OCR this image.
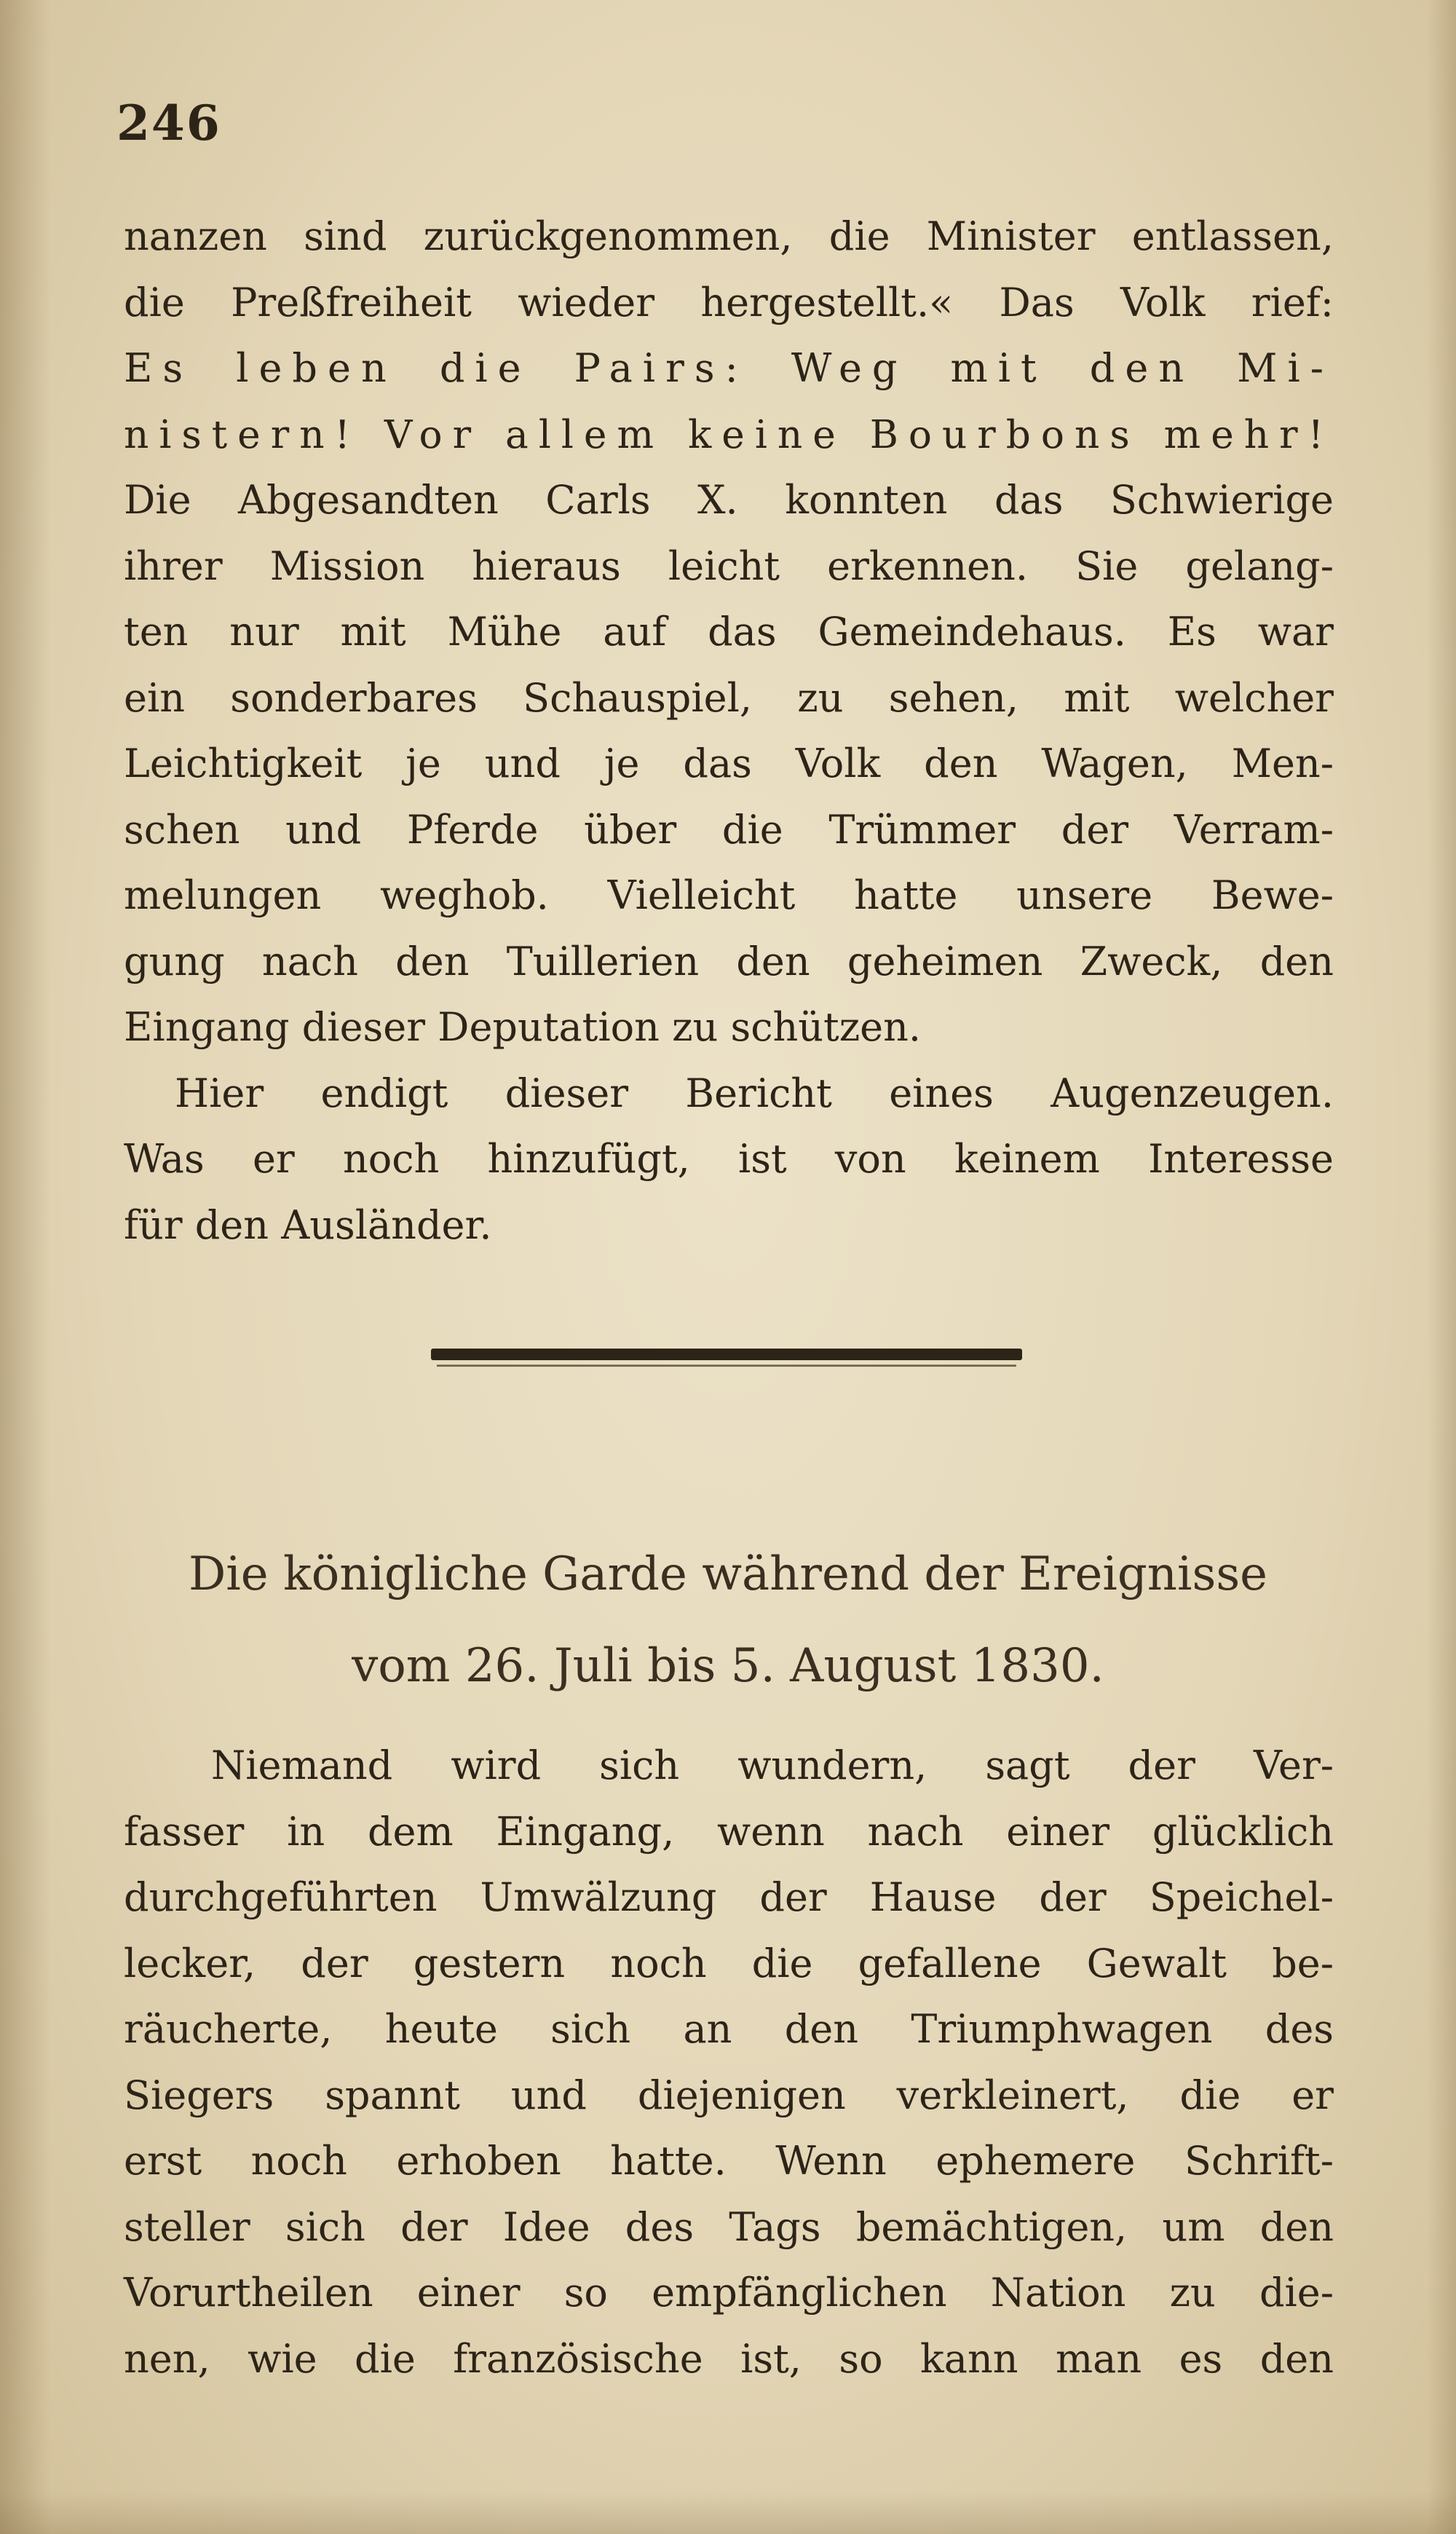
246
nanzen sind zurückgenommen, die Minister entlassen,
die Preßfreiheit wieder hergestellt.« Das Volk rief:
Es leben die Pairs: Weg mit den Mi-
nistern! Vor allem keine Bourbons mehr!
Die Abgesandten Carls X. konnten das Schwierige
ihrer Mission hieraus leicht erkennen. Sie gelang-
ten nur mit Mühe auf das Gemeindehaus. Es war
ein sonderbares Schauspiel, zu sehen, mit welcher
Leichtigkeit je und je das Volk den Wagen, Men-
schen und Pferde über die Trümmer der Verram-
melungen weghob. Vielleicht hatte unsere Bewe-
gung nach den Tuillerien den geheimen Zweck, den
Eingang dieser Deputation zu schützen.
Hier endigt dieser Bericht eines Augenzeugen.
Was er noch hinzufügt, ist von keinem Interesse
für den Ausländer.
Die königliche Garde während der Ereignisse
vom 26. Juli bis 5. August 1830.
Niemand wird sich wundern, sagt der Ver-
fasser in dem Eingang, wenn nach einer glücklich
durchgeführten Umwälzung der Hause der Speichel-
lecker, der gestern noch die gefallene Gewalt be-
räucherte, heute sich an den Triumphwagen des
Siegers spannt und diejenigen verkleinert, die er
erst noch erhoben hatte. Wenn ephemere Schrift-
steller sich der Idee des Tags bemächtigen, um den
Vorurtheilen einer so empfänglichen Nation zu die-
nen, wie die französische ist, so kann man es den
